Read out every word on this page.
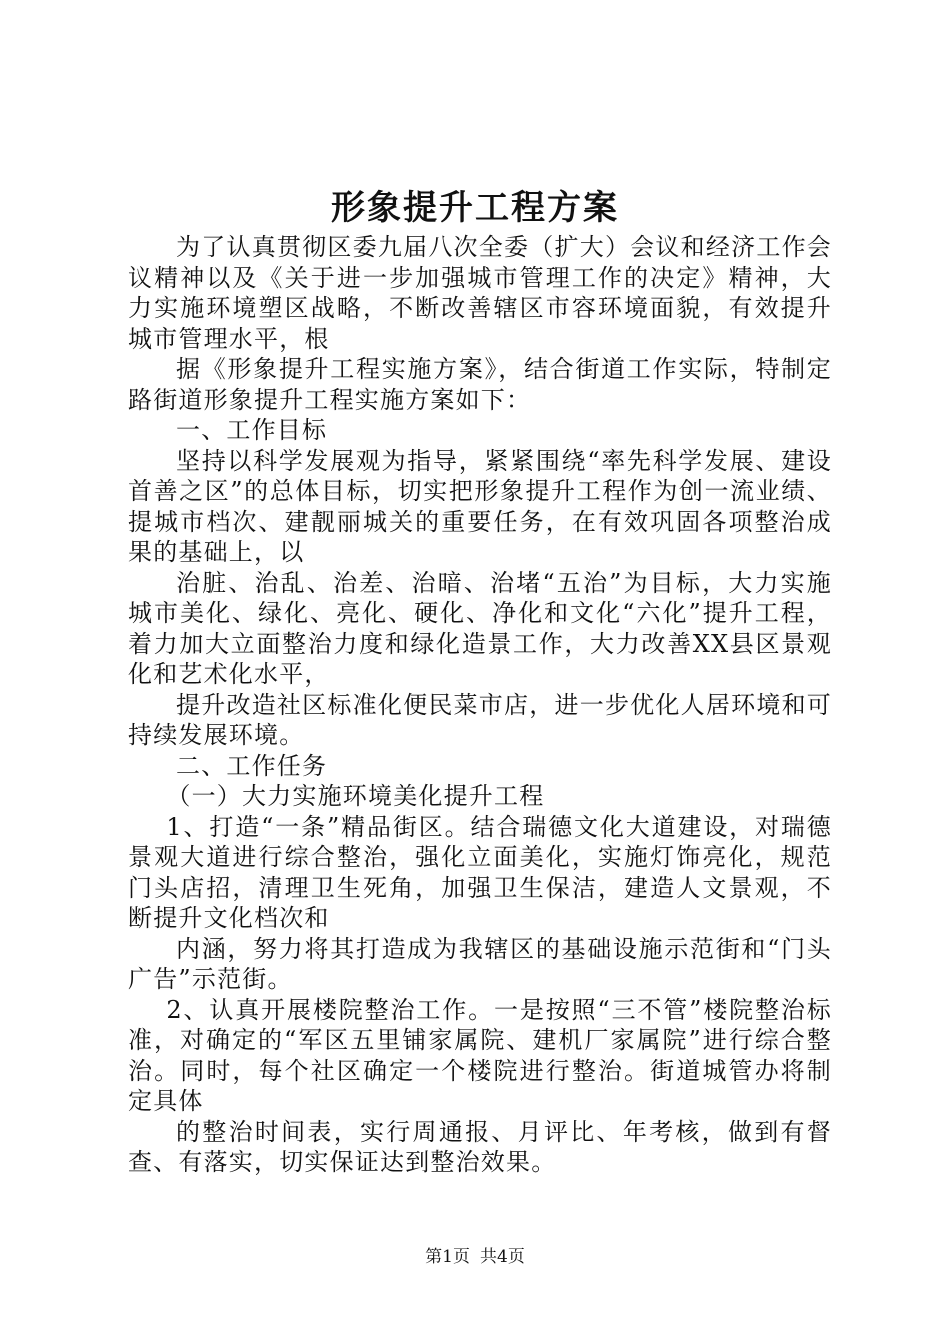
形象提升工程方案

为了认真贯彻区委九届八次全委（扩大）会议和经济工作会议精神以及《关于进一步加强城市管理工作的决定》精神，大力实施环境塑区战略，不断改善辖区市容环境面貌，有效提升城市管理水平，根

据《形象提升工程实施方案》，结合街道工作实际，特制定路街道形象提升工程实施方案如下：

一、工作目标

坚持以科学发展观为指导，紧紧围绕“率先科学发展、建设首善之区”的总体目标，切实把形象提升工程作为创一流业绩、提城市档次、建靓丽城关的重要任务，在有效巩固各项整治成果的基础上，以

治脏、治乱、治差、治暗、治堵“五治”为目标，大力实施城市美化、绿化、亮化、硬化、净化和文化“六化”提升工程，着力加大立面整治力度和绿化造景工作，大力改善XX县区景观化和艺术化水平，

提升改造社区标准化便民菜市店，进一步优化人居环境和可持续发展环境。

二、工作任务

（一）大力实施环境美化提升工程

1、打造“一条”精品街区。结合瑞德文化大道建设，对瑞德景观大道进行综合整治，强化立面美化，实施灯饰亮化，规范门头店招，清理卫生死角，加强卫生保洁，建造人文景观，不断提升文化档次和

内涵，努力将其打造成为我辖区的基础设施示范街和“门头广告”示范街。

2、认真开展楼院整治工作。一是按照“三不管”楼院整治标准，对确定的“军区五里铺家属院、建机厂家属院”进行综合整治。同时，每个社区确定一个楼院进行整治。街道城管办将制定具体

的整治时间表，实行周通报、月评比、年考核，做到有督查、有落实，切实保证达到整治效果。

第1页 共4页
